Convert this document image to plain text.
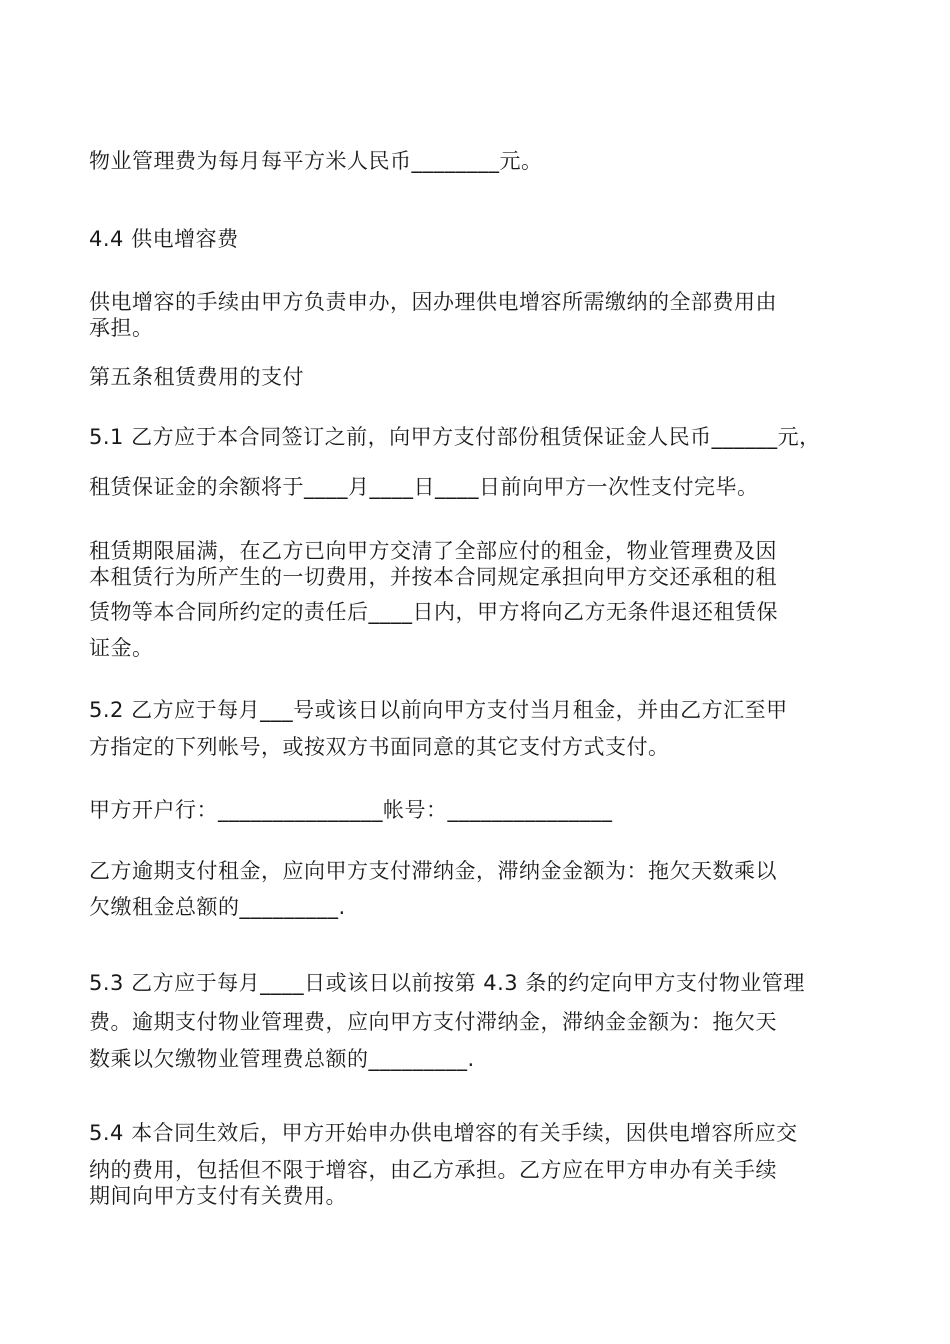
物业管理费为每月每平方米人民币________元。
4.4 供电增容费
供电增容的手续由甲方负责申办，因办理供电增容所需缴纳的全部费用由
承担。
第五条租赁费用的支付
5.1 乙方应于本合同签订之前，向甲方支付部份租赁保证金人民币______元，
租赁保证金的余额将于____月____日____日前向甲方一次性支付完毕。
租赁期限届满，在乙方已向甲方交清了全部应付的租金，物业管理费及因
本租赁行为所产生的一切费用，并按本合同规定承担向甲方交还承租的租
赁物等本合同所约定的责任后____日内，甲方将向乙方无条件退还租赁保
证金。
5.2 乙方应于每月___号或该日以前向甲方支付当月租金，并由乙方汇至甲
方指定的下列帐号，或按双方书面同意的其它支付方式支付。
甲方开户行：_______________帐号：_______________
乙方逾期支付租金，应向甲方支付滞纳金，滞纳金金额为：拖欠天数乘以
欠缴租金总额的_________.
5.3 乙方应于每月____日或该日以前按第 4.3 条的约定向甲方支付物业管理
费。逾期支付物业管理费，应向甲方支付滞纳金，滞纳金金额为：拖欠天
数乘以欠缴物业管理费总额的_________.
5.4 本合同生效后，甲方开始申办供电增容的有关手续，因供电增容所应交
纳的费用，包括但不限于增容，由乙方承担。乙方应在甲方申办有关手续
期间向甲方支付有关费用。
